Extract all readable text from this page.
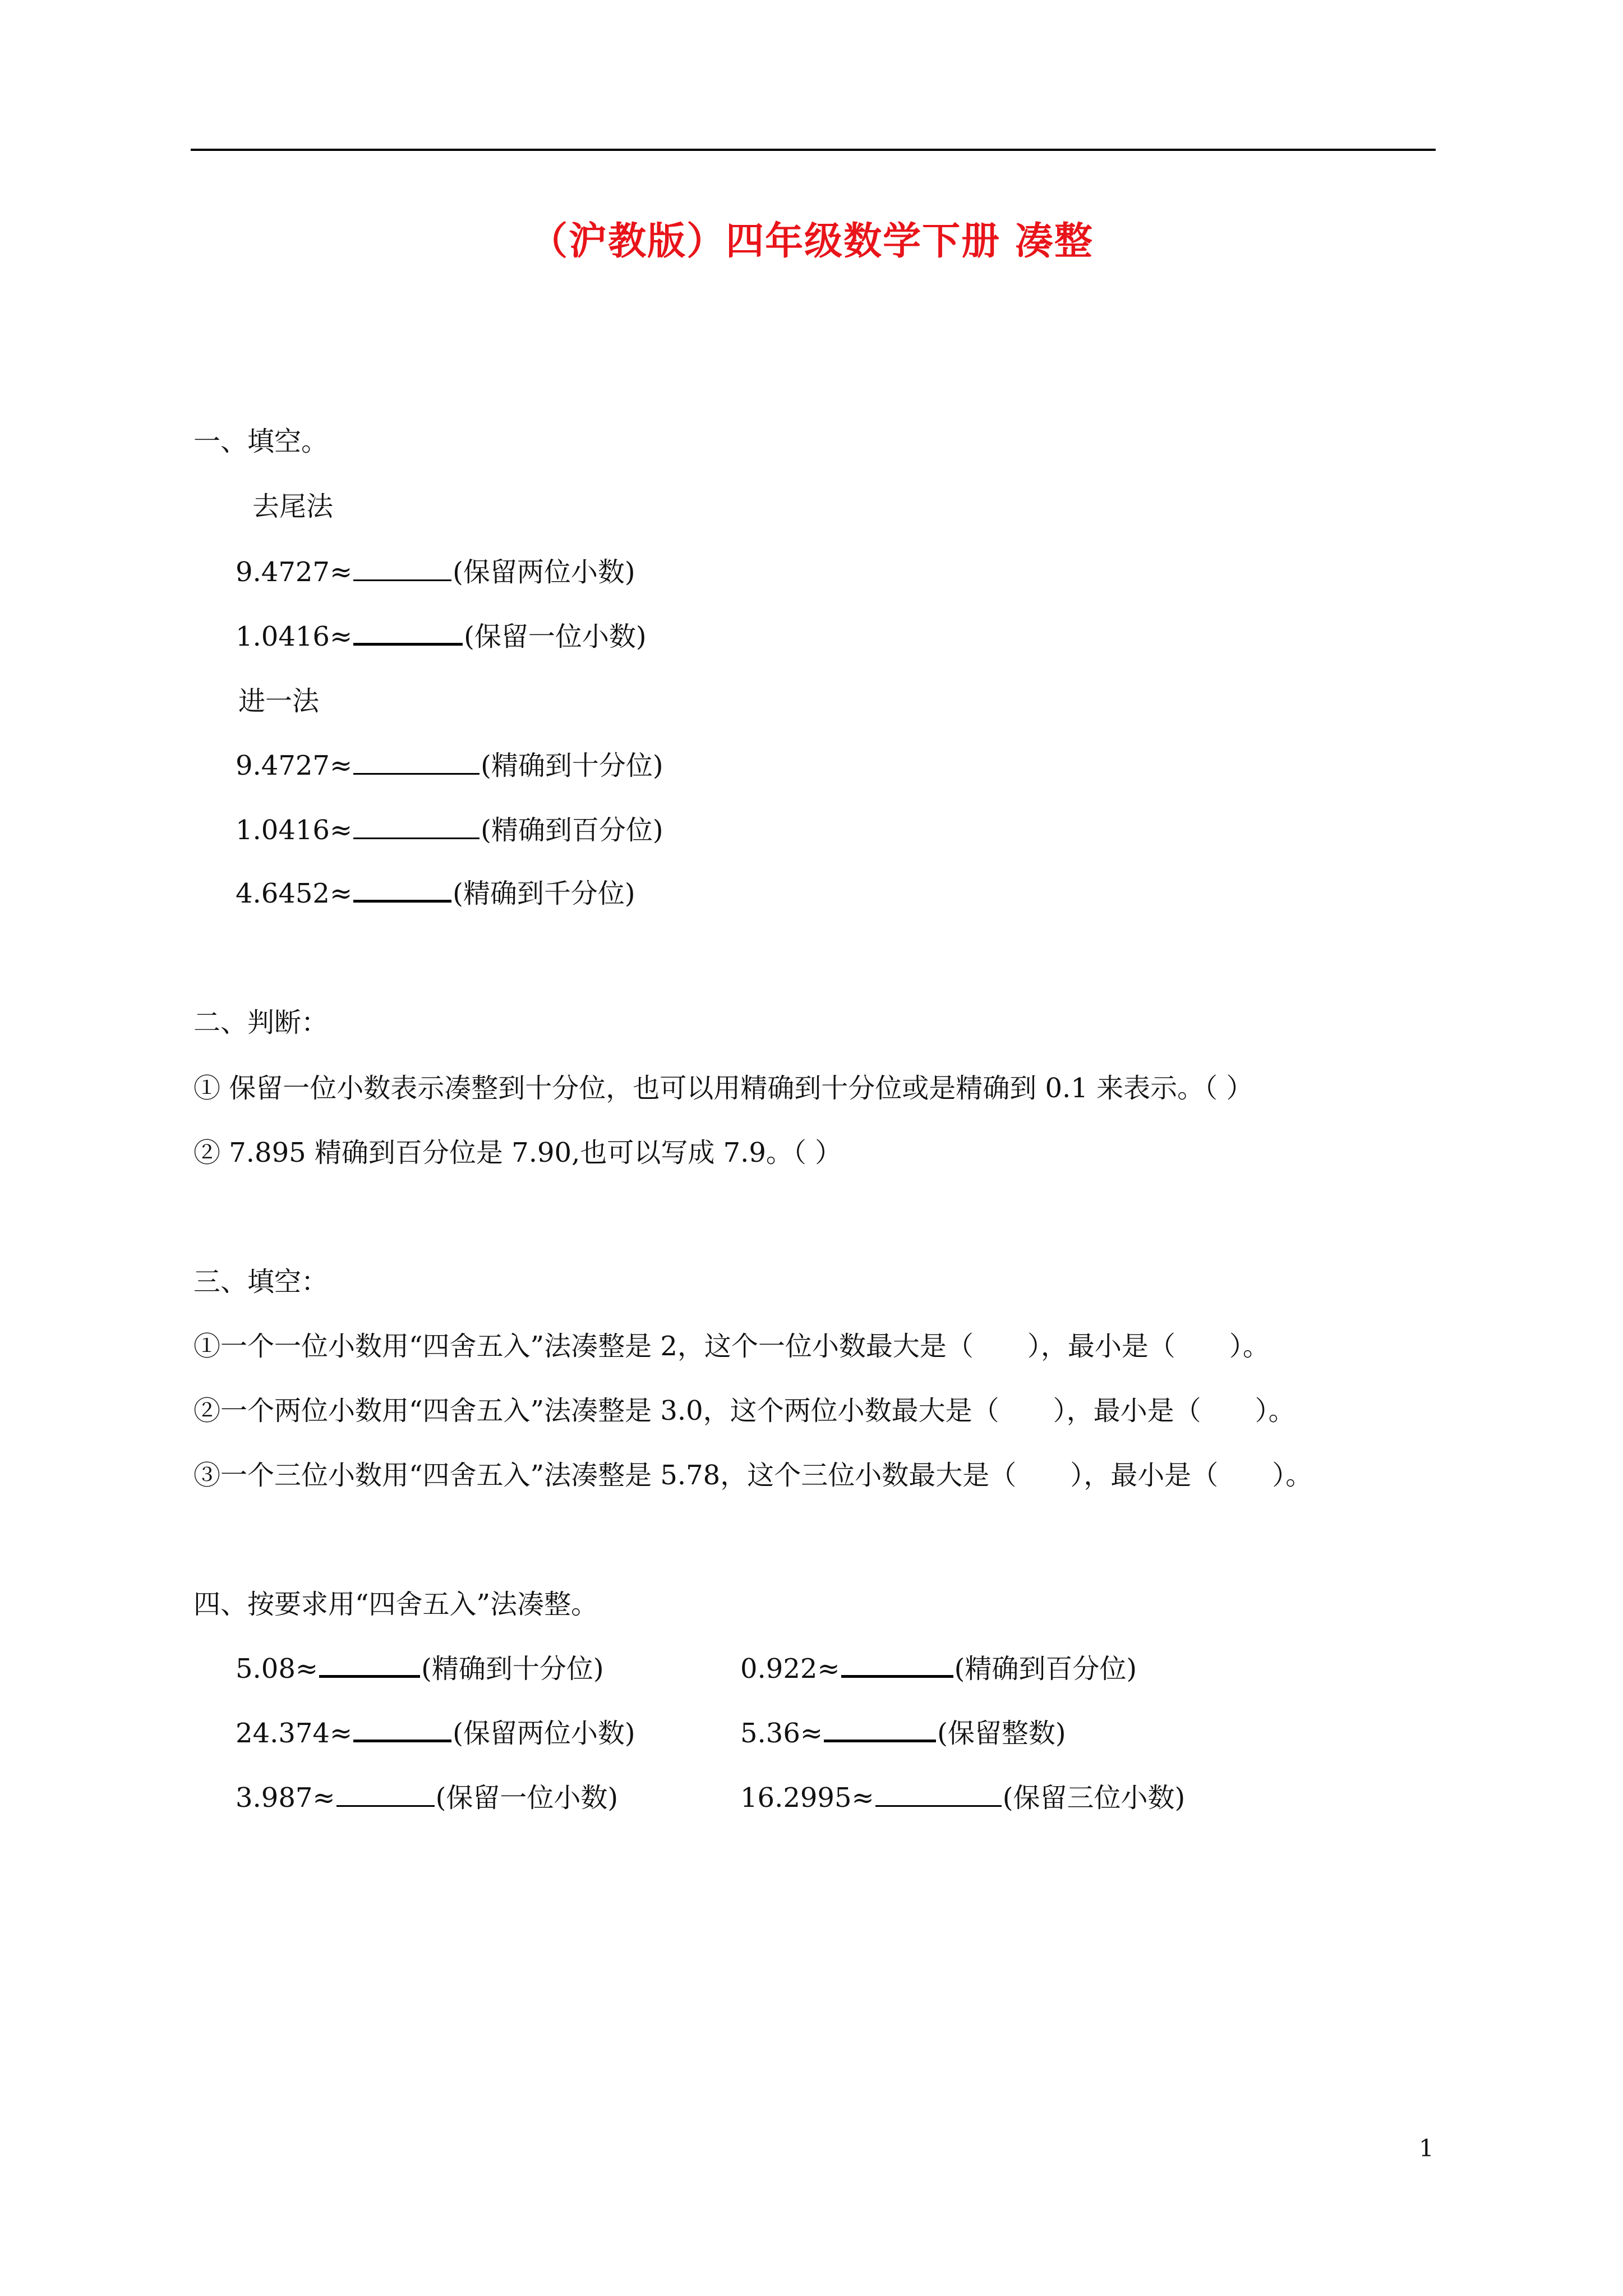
（沪教版）四年级数学下册 凑整
一、填空。
去尾法
9.4727≈	(保留两位小数)
1.0416≈	(保留一位小数)
进一法
9.4727≈	(精确到十分位)
1.0416≈	(精确到百分位)
4.6452≈	(精确到千分位)
二、判断：
① 保留一位小数表示凑整到十分位，也可以用精确到十分位或是精确到 0.1 来表示。（ ）
② 7.895 精确到百分位是 7.90,也可以写成 7.9。（ ）
三、填空：
①一个一位小数用“四舍五入”法凑整是 2，这个一位小数最大是（　　），最小是（　　）。
②一个两位小数用“四舍五入”法凑整是 3.0，这个两位小数最大是（　　），最小是（　　）。
③一个三位小数用“四舍五入”法凑整是 5.78，这个三位小数最大是（　　），最小是（　　）。
四、按要求用“四舍五入”法凑整。
5.08≈	(精确到十分位)	0.922≈	(精确到百分位)
24.374≈	(保留两位小数)	5.36≈	(保留整数)
3.987≈	(保留一位小数)	16.2995≈	(保留三位小数)
1
